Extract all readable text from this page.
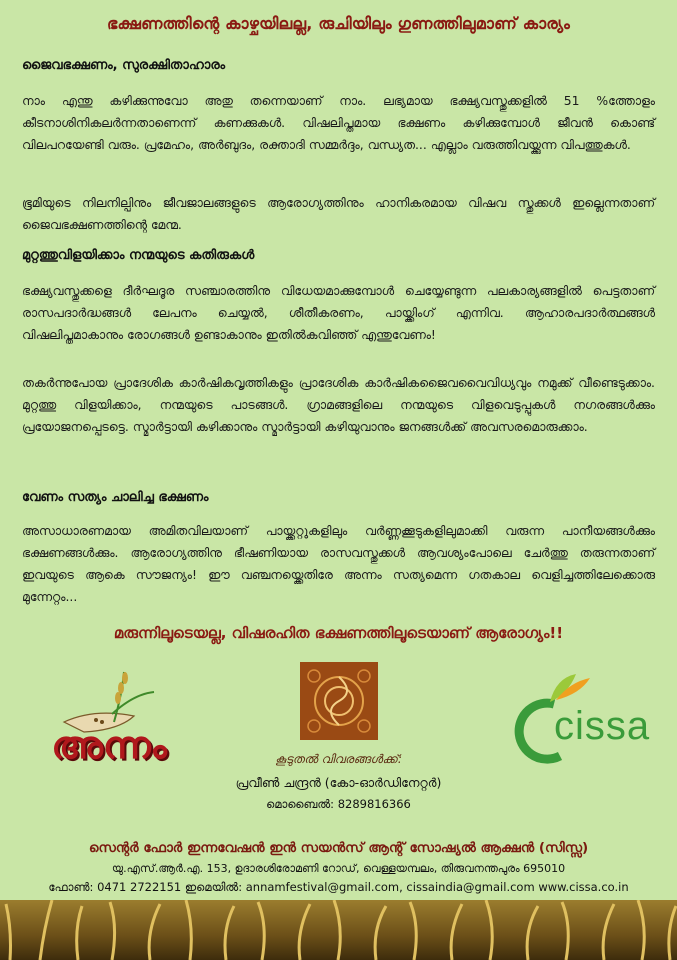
ഭക്ഷണത്തിന്റെ കാഴ്ചയിലല്ല, രുചിയിലും ഗുണത്തിലുമാണ് കാര്യം
ജൈവഭക്ഷണം, സുരക്ഷിതാഹാരം
നാം എന്തു കഴിക്കുന്നുവോ അതു തന്നെയാണ് നാം. ലഭ്യമായ ഭക്ഷ്യവസ്തുക്കളിൽ 51 %ത്തോളം കീടനാശിനികലർന്നതാണെന്ന് കണക്കുകൾ. വിഷലിപ്തമായ ഭക്ഷണം കഴിക്കുമ്പോൾ ജീവൻ കൊണ്ട് വിലപറയേണ്ടി വരും. പ്രമേഹം, അർബുദം, രക്താദി സമ്മർദ്ദം, വന്ധ്യത... എല്ലാം വരുത്തിവയ്ക്കുന്ന വിപത്തുകൾ.
ഭൂമിയുടെ നിലനില്പിനും ജീവജാലങ്ങളുടെ ആരോഗ്യത്തിനും ഹാനികരമായ വിഷവ സ്തുക്കൾ ഇല്ലെന്നതാണ് ജൈവഭക്ഷണത്തിന്റെ മേന്മ.
മുറ്റത്തുവിളയിക്കാം നന്മയുടെ കതിരുകൾ
ഭക്ഷ്യവസ്തുക്കളെ ദീർഘദൂര സഞ്ചാരത്തിനു വിധേയമാക്കുമ്പോൾ ചെയ്യേണ്ടുന്ന പലകാര്യങ്ങളിൽ പെട്ടതാണ് രാസപദാർദ്ധങ്ങൾ ലേപനം ചെയ്യൽ, ശീതീകരണം, പായ്ക്കിംഗ് എന്നിവ. ആഹാരപദാർത്ഥങ്ങൾ വിഷലിപ്തമാകാനും രോഗങ്ങൾ ഉണ്ടാകാനും ഇതിൽകവിഞ്ഞ് എന്തുവേണം!
തകർന്നുപോയ പ്രാദേശിക കാർഷികവൃത്തികളും പ്രാദേശിക കാർഷികജൈവവൈവിധ്യവും നമുക്ക് വീണ്ടെടുക്കാം. മുറ്റത്തു വിളയിക്കാം, നന്മയുടെ പാടങ്ങൾ. ഗ്രാമങ്ങളിലെ നന്മയുടെ വിളവെടുപ്പുകൾ നഗരങ്ങൾക്കും പ്രയോജനപ്പെടട്ടെ. സ്മാർട്ടായി കഴിക്കാനും സ്മാർട്ടായി കഴിയുവാനും ജനങ്ങൾക്ക് അവസരമൊരുക്കാം.
വേണം സത്യം ചാലിച്ച ഭക്ഷണം
അസാധാരണമായ അമിതവിലയാണ് പായ്ക്കറ്റുകളിലും വർണ്ണക്കൂടുകളിലുമാക്കി വരുന്ന പാനീയങ്ങൾക്കും ഭക്ഷണങ്ങൾക്കും. ആരോഗ്യത്തിനു ഭീഷണിയായ രാസവസ്തുക്കൾ ആവശ്യംപോലെ ചേർത്തു തരുന്നതാണ് ഇവയുടെ ആകെ സൗജന്യം! ഈ വഞ്ചനയ്ക്കെതിരേ അന്നം സത്യമെന്ന ഗതകാല വെളിച്ചത്തിലേക്കൊരു മുന്നേറ്റം...
മരുന്നിലൂടെയല്ല, വിഷരഹിത ഭക്ഷണത്തിലൂടെയാണ് ആരോഗ്യം!!
അന്നം	cissa
കൂടുതൽ വിവരങ്ങൾക്ക്:
പ്രവീൺ ചന്ദ്രൻ (കോ-ഓർഡിനേറ്റർ)
മൊബൈൽ: 8289816366
സെന്റർ ഫോർ ഇന്നവേഷൻ ഇൻ സയൻസ് ആന്റ് സോഷ്യൽ ആക്ഷൻ (സിസ്സ)
യു.എസ്.ആർ.എ. 153, ഉദാരശിരോമണി റോഡ്, വെള്ളയമ്പലം, തിരുവനന്തപുരം 695010
ഫോൺ: 0471 2722151 ഇമെയിൽ: annamfestival@gmail.com, cissaindia@gmail.com www.cissa.co.in
